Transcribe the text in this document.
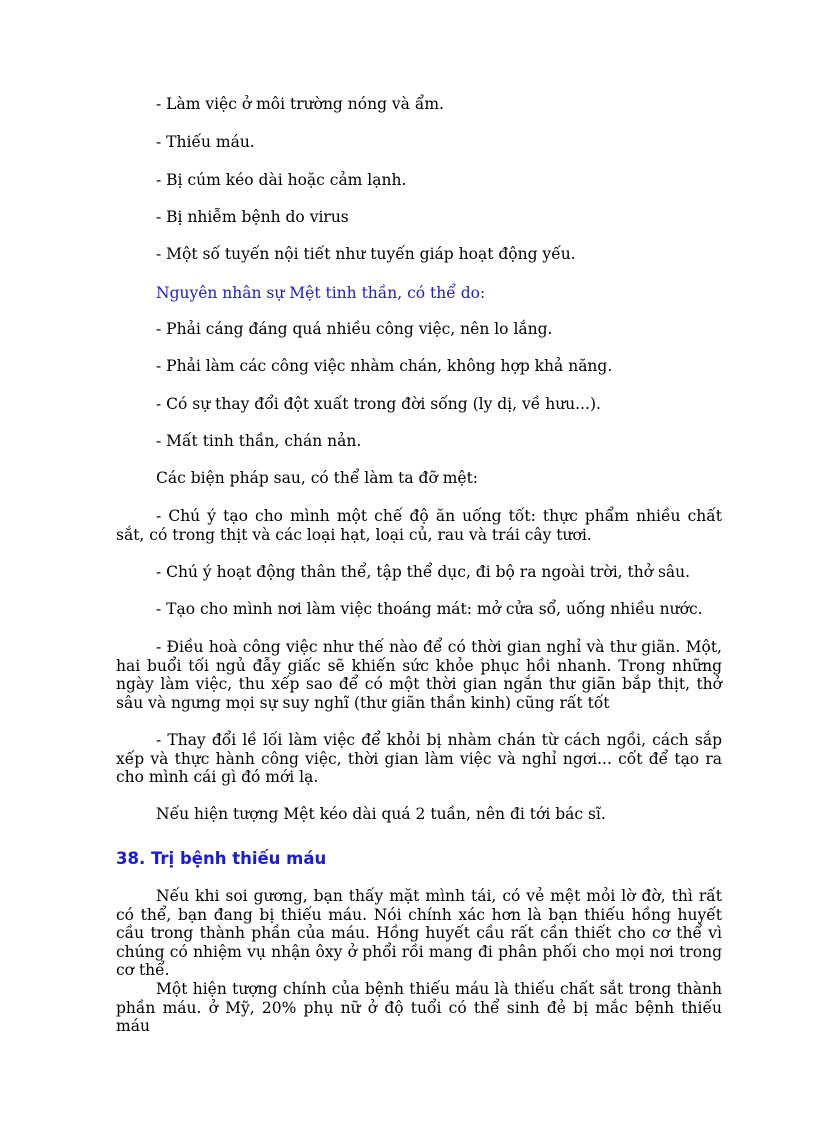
- Làm việc ở môi trường nóng và ẩm.

- Thiếu máu.

- Bị cúm kéo dài hoặc cảm lạnh.

- Bị nhiễm bệnh do virus

- Một số tuyến nội tiết như tuyến giáp hoạt động yếu.

Nguyên nhân sự Mệt tinh thần, có thể do:

- Phải cáng đáng quá nhiều công việc, nên lo lắng.

- Phải làm các công việc nhàm chán, không hợp khả năng.

- Có sự thay đổi đột xuất trong đời sống (ly dị, về hưu...).

- Mất tinh thần, chán nản.

Các biện pháp sau, có thể làm ta đỡ mệt:

- Chú ý tạo cho mình một chế độ ăn uống tốt: thực phẩm nhiều chất sắt, có trong thịt và các loại hạt, loại củ, rau và trái cây tươi.

- Chú ý hoạt động thân thể, tập thể dục, đi bộ ra ngoài trời, thở sâu.

- Tạo cho mình nơi làm việc thoáng mát: mở cửa sổ, uống nhiều nước.

- Điều hoà công việc như thế nào để có thời gian nghỉ và thư giãn. Một, hai buổi tối ngủ đẫy giấc sẽ khiến sức khỏe phục hồi nhanh. Trong những ngày làm việc, thu xếp sao để có một thời gian ngắn thư giãn bắp thịt, thở sâu và ngưng mọi sự suy nghĩ (thư giãn thần kinh) cũng rất tốt

- Thay đổi lề lối làm việc để khỏi bị nhàm chán từ cách ngồi, cách sắp xếp và thực hành công việc, thời gian làm việc và nghỉ ngơi... cốt để tạo ra cho mình cái gì đó mới lạ.

Nếu hiện tượng Mệt kéo dài quá 2 tuần, nên đi tới bác sĩ.

38. Trị bệnh thiếu máu

Nếu khi soi gương, bạn thấy mặt mình tái, có vẻ mệt mỏi lờ đờ, thì rất có thể, bạn đang bị thiếu máu. Nói chính xác hơn là bạn thiếu hồng huyết cầu trong thành phần của máu. Hồng huyết cầu rất cần thiết cho cơ thể vì chúng có nhiệm vụ nhận ôxy ở phổi rồi mang đi phân phối cho mọi nơi trong cơ thể.

Một hiện tượng chính của bệnh thiếu máu là thiếu chất sắt trong thành phần máu. ở Mỹ, 20% phụ nữ ở độ tuổi có thể sinh đẻ bị mắc bệnh thiếu máu
